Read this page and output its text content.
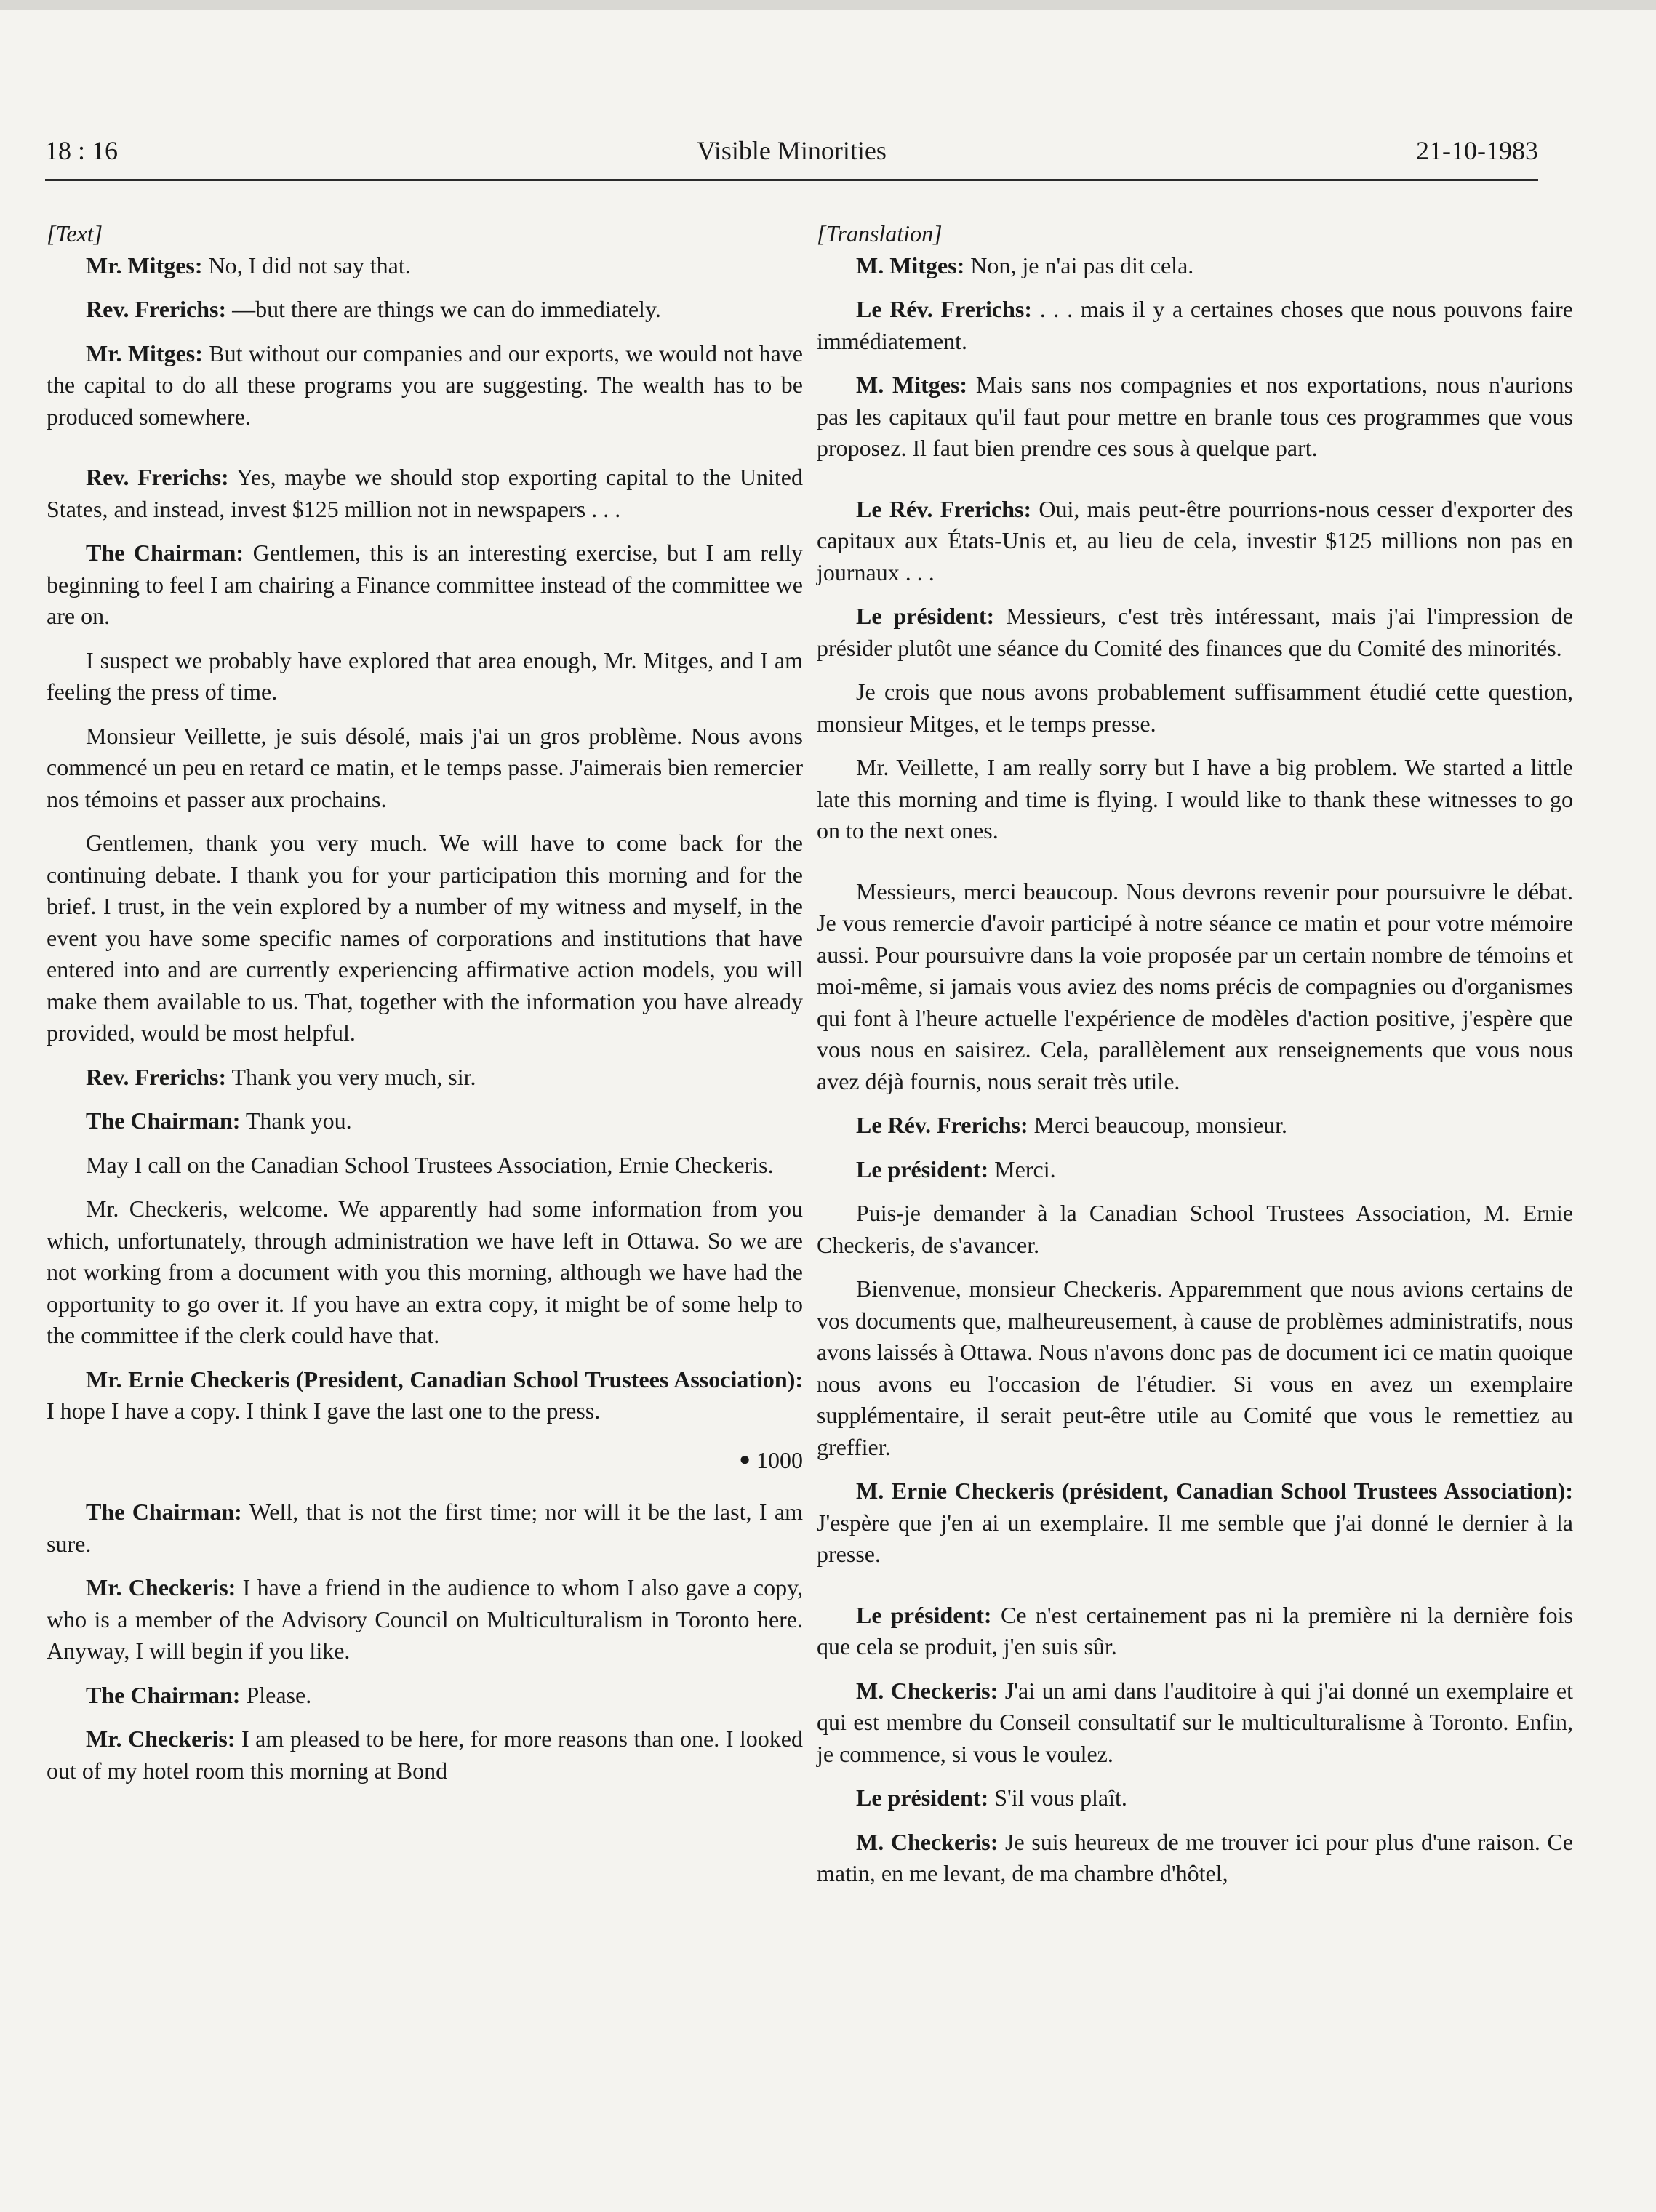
18 : 16	Visible Minorities	21-10-1983

[Text]

Mr. Mitges: No, I did not say that.

Rev. Frerichs: —but there are things we can do immediately.

Mr. Mitges: But without our companies and our exports, we would not have the capital to do all these programs you are suggesting. The wealth has to be produced somewhere.

Rev. Frerichs: Yes, maybe we should stop exporting capital to the United States, and instead, invest $125 million not in newspapers . . .

The Chairman: Gentlemen, this is an interesting exercise, but I am relly beginning to feel I am chairing a Finance committee instead of the committee we are on.

I suspect we probably have explored that area enough, Mr. Mitges, and I am feeling the press of time.

Monsieur Veillette, je suis désolé, mais j'ai un gros problème. Nous avons commencé un peu en retard ce matin, et le temps passe. J'aimerais bien remercier nos témoins et passer aux prochains.

Gentlemen, thank you very much. We will have to come back for the continuing debate. I thank you for your participation this morning and for the brief. I trust, in the vein explored by a number of my witness and myself, in the event you have some specific names of corporations and institutions that have entered into and are currently experiencing affirmative action models, you will make them available to us. That, together with the information you have already provided, would be most helpful.

Rev. Frerichs: Thank you very much, sir.

The Chairman: Thank you.

May I call on the Canadian School Trustees Association, Ernie Checkeris.

Mr. Checkeris, welcome. We apparently had some information from you which, unfortunately, through administration we have left in Ottawa. So we are not working from a document with you this morning, although we have had the opportunity to go over it. If you have an extra copy, it might be of some help to the committee if the clerk could have that.

Mr. Ernie Checkeris (President, Canadian School Trustees Association): I hope I have a copy. I think I gave the last one to the press.

● 1000

The Chairman: Well, that is not the first time; nor will it be the last, I am sure.

Mr. Checkeris: I have a friend in the audience to whom I also gave a copy, who is a member of the Advisory Council on Multiculturalism in Toronto here. Anyway, I will begin if you like.

The Chairman: Please.

Mr. Checkeris: I am pleased to be here, for more reasons than one. I looked out of my hotel room this morning at Bond

[Translation]

M. Mitges: Non, je n'ai pas dit cela.

Le Rév. Frerichs: . . . mais il y a certaines choses que nous pouvons faire immédiatement.

M. Mitges: Mais sans nos compagnies et nos exportations, nous n'aurions pas les capitaux qu'il faut pour mettre en branle tous ces programmes que vous proposez. Il faut bien prendre ces sous à quelque part.

Le Rév. Frerichs: Oui, mais peut-être pourrions-nous cesser d'exporter des capitaux aux États-Unis et, au lieu de cela, investir $125 millions non pas en journaux . . .

Le président: Messieurs, c'est très intéressant, mais j'ai l'impression de présider plutôt une séance du Comité des finances que du Comité des minorités.

Je crois que nous avons probablement suffisamment étudié cette question, monsieur Mitges, et le temps presse.

Mr. Veillette, I am really sorry but I have a big problem. We started a little late this morning and time is flying. I would like to thank these witnesses to go on to the next ones.

Messieurs, merci beaucoup. Nous devrons revenir pour poursuivre le débat. Je vous remercie d'avoir participé à notre séance ce matin et pour votre mémoire aussi. Pour poursuivre dans la voie proposée par un certain nombre de témoins et moi-même, si jamais vous aviez des noms précis de compagnies ou d'organismes qui font à l'heure actuelle l'expérience de modèles d'action positive, j'espère que vous nous en saisirez. Cela, parallèlement aux renseignements que vous nous avez déjà fournis, nous serait très utile.

Le Rév. Frerichs: Merci beaucoup, monsieur.

Le président: Merci.

Puis-je demander à la Canadian School Trustees Association, M. Ernie Checkeris, de s'avancer.

Bienvenue, monsieur Checkeris. Apparemment que nous avions certains de vos documents que, malheureusement, à cause de problèmes administratifs, nous avons laissés à Ottawa. Nous n'avons donc pas de document ici ce matin quoique nous avons eu l'occasion de l'étudier. Si vous en avez un exemplaire supplémentaire, il serait peut-être utile au Comité que vous le remettiez au greffier.

M. Ernie Checkeris (président, Canadian School Trustees Association): J'espère que j'en ai un exemplaire. Il me semble que j'ai donné le dernier à la presse.

Le président: Ce n'est certainement pas ni la première ni la dernière fois que cela se produit, j'en suis sûr.

M. Checkeris: J'ai un ami dans l'auditoire à qui j'ai donné un exemplaire et qui est membre du Conseil consultatif sur le multiculturalisme à Toronto. Enfin, je commence, si vous le voulez.

Le président: S'il vous plaît.

M. Checkeris: Je suis heureux de me trouver ici pour plus d'une raison. Ce matin, en me levant, de ma chambre d'hôtel,
